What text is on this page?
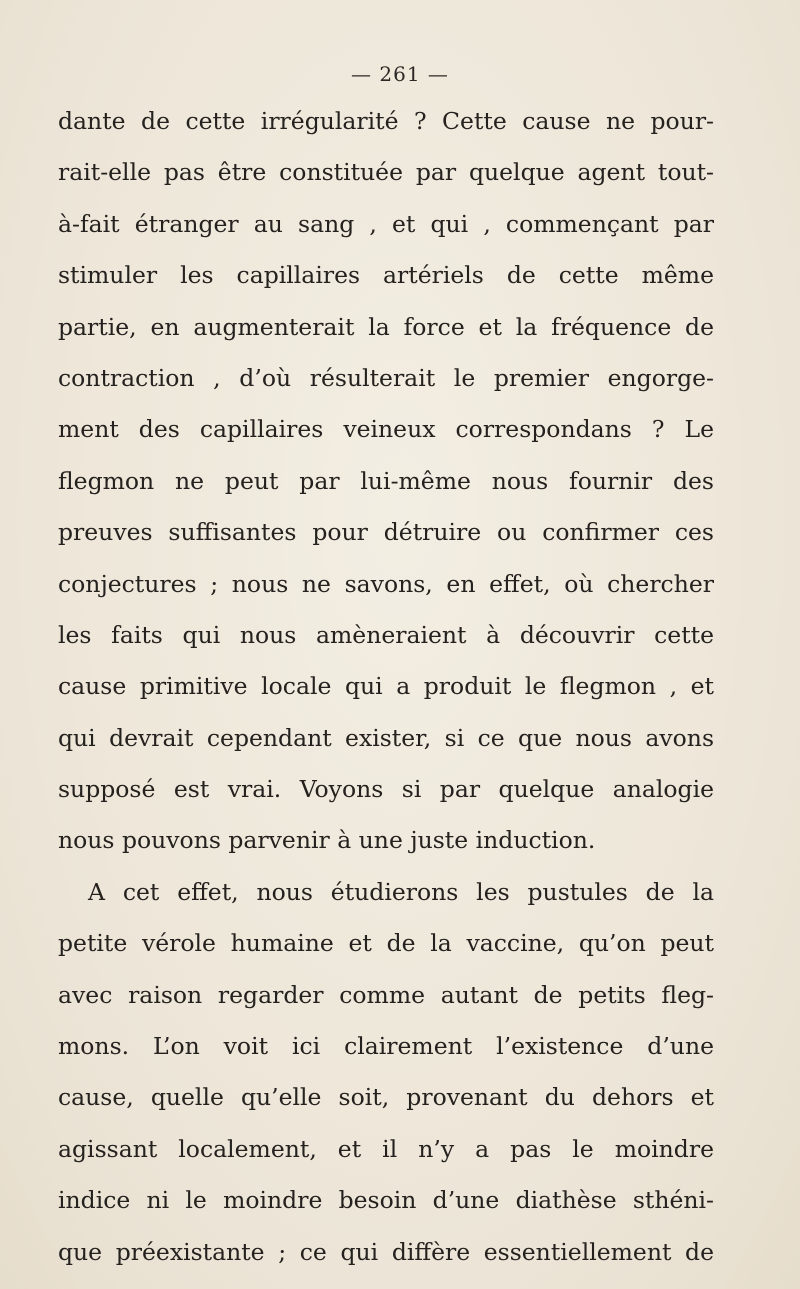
— 261 —
dante de cette irrégularité ? Cette cause ne pour-
rait-elle pas être constituée par quelque agent tout-
à-fait étranger au sang , et qui , commençant par
stimuler les capillaires artériels de cette même
partie, en augmenterait la force et la fréquence de
contraction , d’où résulterait le premier engorge-
ment des capillaires veineux correspondans ? Le
flegmon ne peut par lui-même nous fournir des
preuves suffisantes pour détruire ou confirmer ces
conjectures ; nous ne savons, en effet, où chercher
les faits qui nous amèneraient à découvrir cette
cause primitive locale qui a produit le flegmon , et
qui devrait cependant exister, si ce que nous avons
supposé est vrai. Voyons si par quelque analogie
nous pouvons parvenir à une juste induction.
A cet effet, nous étudierons les pustules de la
petite vérole humaine et de la vaccine, qu’on peut
avec raison regarder comme autant de petits fleg-
mons. L’on voit ici clairement l’existence d’une
cause, quelle qu’elle soit, provenant du dehors et
agissant localement, et il n’y a pas le moindre
indice ni le moindre besoin d’une diathèse sthéni-
que préexistante ; ce qui diffère essentiellement de
